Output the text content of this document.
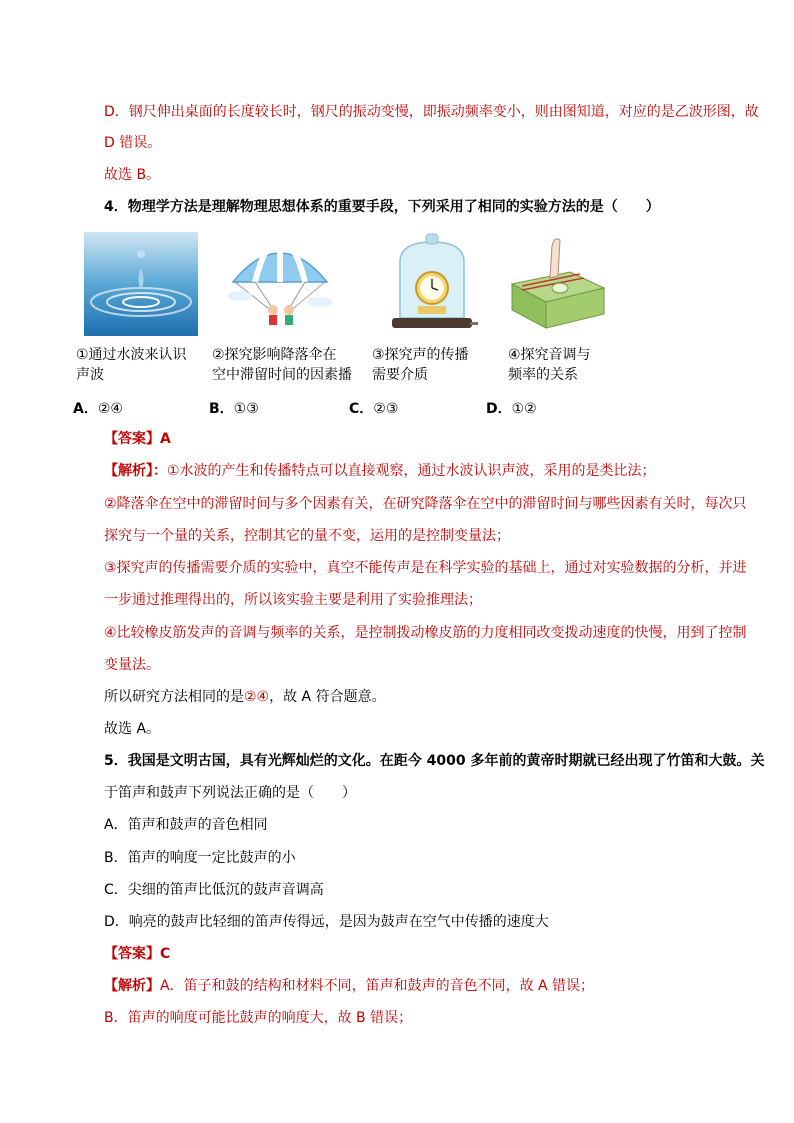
D．钢尺伸出桌面的长度较长时，钢尺的振动变慢，即振动频率变小，则由图知道，对应的是乙波形图，故
D 错误。
故选 B。
4．物理学方法是理解物理思想体系的重要手段，下列采用了相同的实验方法的是（　　）
①通过水波来认识
声波
②探究影响降落伞在
空中滞留时间的因素播
③探究声的传播
需要介质
④探究音调与
频率的关系
A．②④	B．①③	C．②③	D．①②
【答案】A
【解析】：①水波的产生和传播特点可以直接观察，通过水波认识声波，采用的是类比法；
②降落伞在空中的滞留时间与多个因素有关，在研究降落伞在空中的滞留时间与哪些因素有关时，每次只
探究与一个量的关系，控制其它的量不变，运用的是控制变量法；
③探究声的传播需要介质的实验中，真空不能传声是在科学实验的基础上，通过对实验数据的分析，并进
一步通过推理得出的，所以该实验主要是利用了实验推理法；
④比较橡皮筋发声的音调与频率的关系，是控制拨动橡皮筋的力度相同改变拨动速度的快慢，用到了控制
变量法。
所以研究方法相同的是②④，故 A 符合题意。
故选 A。
5．我国是文明古国，具有光辉灿烂的文化。在距今 4000 多年前的黄帝时期就已经出现了竹笛和大鼓。关
于笛声和鼓声下列说法正确的是（　　）
A．笛声和鼓声的音色相同
B．笛声的响度一定比鼓声的小
C．尖细的笛声比低沉的鼓声音调高
D．响亮的鼓声比轻细的笛声传得远，是因为鼓声在空气中传播的速度大
【答案】C
【解析】A．笛子和鼓的结构和材料不同，笛声和鼓声的音色不同，故 A 错误；
B．笛声的响度可能比鼓声的响度大，故 B 错误；
